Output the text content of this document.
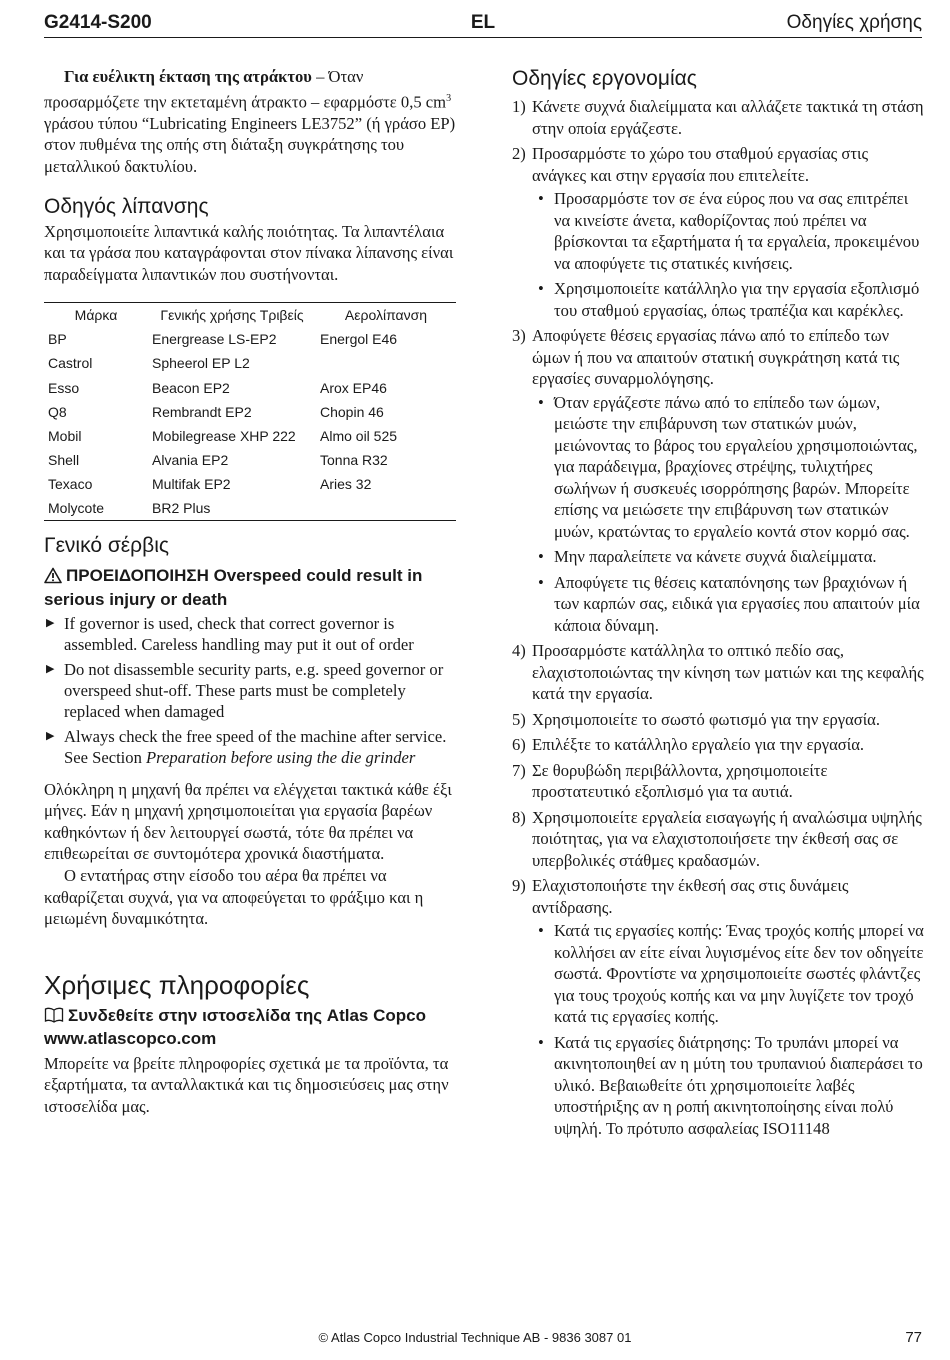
G2414-S200	EL	Οδηγίες χρήσης

Για ευέλικτη έκταση της ατράκτου – Όταν προσαρμόζετε την εκτεταμένη άτρακτο – εφαρμόστε 0,5 $cm^3$ γράσου τύπου “Lubricating Engineers LE3752” (ή γράσο EP) στον πυθμένα της οπής στη διάταξη συγκράτησης του μεταλλικού δακτυλίου.

Οδηγός λίπανσης

Χρησιμοποιείτε λιπαντικά καλής ποιότητας. Τα λιπαντέλαια και τα γράσα που καταγράφονται στον πίνακα λίπανσης είναι παραδείγματα λιπαντικών που συστήνονται.

Μάρκα	Γενικής χρήσης Τριβείς	Αερολίπανση
BP	Energrease LS-EP2	Energol E46
Castrol	Spheerol EP L2	
Esso	Beacon EP2	Arox EP46
Q8	Rembrandt EP2	Chopin 46
Mobil	Mobilegrease XHP 222	Almo oil 525
Shell	Alvania EP2	Tonna R32
Texaco	Multifak EP2	Aries 32
Molycote	BR2 Plus	
Γενικό σέρβις
ΠΡΟΕΙΔΟΠΟΙΗΣΗ Overspeed could result in serious injury or death
▶ If governor is used, check that correct governor is assembled. Careless handling may put it out of order
▶ Do not disassemble security parts, e.g. speed governor or overspeed shut-off. These parts must be completely replaced when damaged
▶ Always check the free speed of the machine after service. See Section Preparation before using the die grinder

Ολόκληρη η μηχανή θα πρέπει να ελέγχεται τακτικά κάθε έξι μήνες. Εάν η μηχανή χρησιμοποιείται για εργασία βαρέων καθηκόντων ή δεν λειτουργεί σωστά, τότε θα πρέπει να επιθεωρείται σε συντομότερα χρονικά διαστήματα.

Ο εντατήρας στην είσοδο του αέρα θα πρέπει να καθαρίζεται συχνά, για να αποφεύγεται το φράξιμο και η μειωμένη δυναμικότητα.

Χρήσιμες πληροφορίες
Συνδεθείτε στην ιστοσελίδα της Atlas Copco www.atlascopco.com

Μπορείτε να βρείτε πληροφορίες σχετικά με τα προϊόντα, τα εξαρτήματα, τα ανταλλακτικά και τις δημοσιεύσεις μας στην ιστοσελίδα μας.

Οδηγίες εργονομίας
1) Κάνετε συχνά διαλείμματα και αλλάζετε τακτικά τη στάση στην οποία εργάζεστε.
2) Προσαρμόστε το χώρο του σταθμού εργασίας στις ανάγκες και στην εργασία που επιτελείτε.
• Προσαρμόστε τον σε ένα εύρος που να σας επιτρέπει να κινείστε άνετα, καθορίζοντας πού πρέπει να βρίσκονται τα εξαρτήματα ή τα εργαλεία, προκειμένου να αποφύγετε τις στατικές κινήσεις.
• Χρησιμοποιείτε κατάλληλο για την εργασία εξοπλισμό του σταθμού εργασίας, όπως τραπέζια και καρέκλες.
3) Αποφύγετε θέσεις εργασίας πάνω από το επίπεδο των ώμων ή που να απαιτούν στατική συγκράτηση κατά τις εργασίες συναρμολόγησης.
• Όταν εργάζεστε πάνω από το επίπεδο των ώμων, μειώστε την επιβάρυνση των στατικών μυών, μειώνοντας το βάρος του εργαλείου χρησιμοποιώντας, για παράδειγμα, βραχίονες στρέψης, τυλιχτήρες σωλήνων ή συσκευές ισορρόπησης βαρών. Μπορείτε επίσης να μειώσετε την επιβάρυνση των στατικών μυών, κρατώντας το εργαλείο κοντά στον κορμό σας.
• Μην παραλείπετε να κάνετε συχνά διαλείμματα.
• Αποφύγετε τις θέσεις καταπόνησης των βραχιόνων ή των καρπών σας, ειδικά για εργασίες που απαιτούν μία κάποια δύναμη.
4) Προσαρμόστε κατάλληλα το οπτικό πεδίο σας, ελαχιστοποιώντας την κίνηση των ματιών και της κεφαλής κατά την εργασία.
5) Χρησιμοποιείτε το σωστό φωτισμό για την εργασία.
6) Επιλέξτε το κατάλληλο εργαλείο για την εργασία.
7) Σε θορυβώδη περιβάλλοντα, χρησιμοποιείτε προστατευτικό εξοπλισμό για τα αυτιά.
8) Χρησιμοποιείτε εργαλεία εισαγωγής ή αναλώσιμα υψηλής ποιότητας, για να ελαχιστοποιήσετε την έκθεσή σας σε υπερβολικές στάθμες κραδασμών.
9) Ελαχιστοποιήστε την έκθεσή σας στις δυνάμεις αντίδρασης.
• Κατά τις εργασίες κοπής: Ένας τροχός κοπής μπορεί να κολλήσει αν είτε είναι λυγισμένος είτε δεν τον οδηγείτε σωστά. Φροντίστε να χρησιμοποιείτε σωστές φλάντζες για τους τροχούς κοπής και να μην λυγίζετε τον τροχό κατά τις εργασίες κοπής.
• Κατά τις εργασίες διάτρησης: Το τρυπάνι μπορεί να ακινητοποιηθεί αν η μύτη του τρυπανιού διαπεράσει το υλικό. Βεβαιωθείτε ότι χρησιμοποιείτε λαβές υποστήριξης αν η ροπή ακινητοποίησης είναι πολύ υψηλή. Το πρότυπο ασφαλείας ISO11148
© Atlas Copco Industrial Technique AB - 9836 3087 01	77
